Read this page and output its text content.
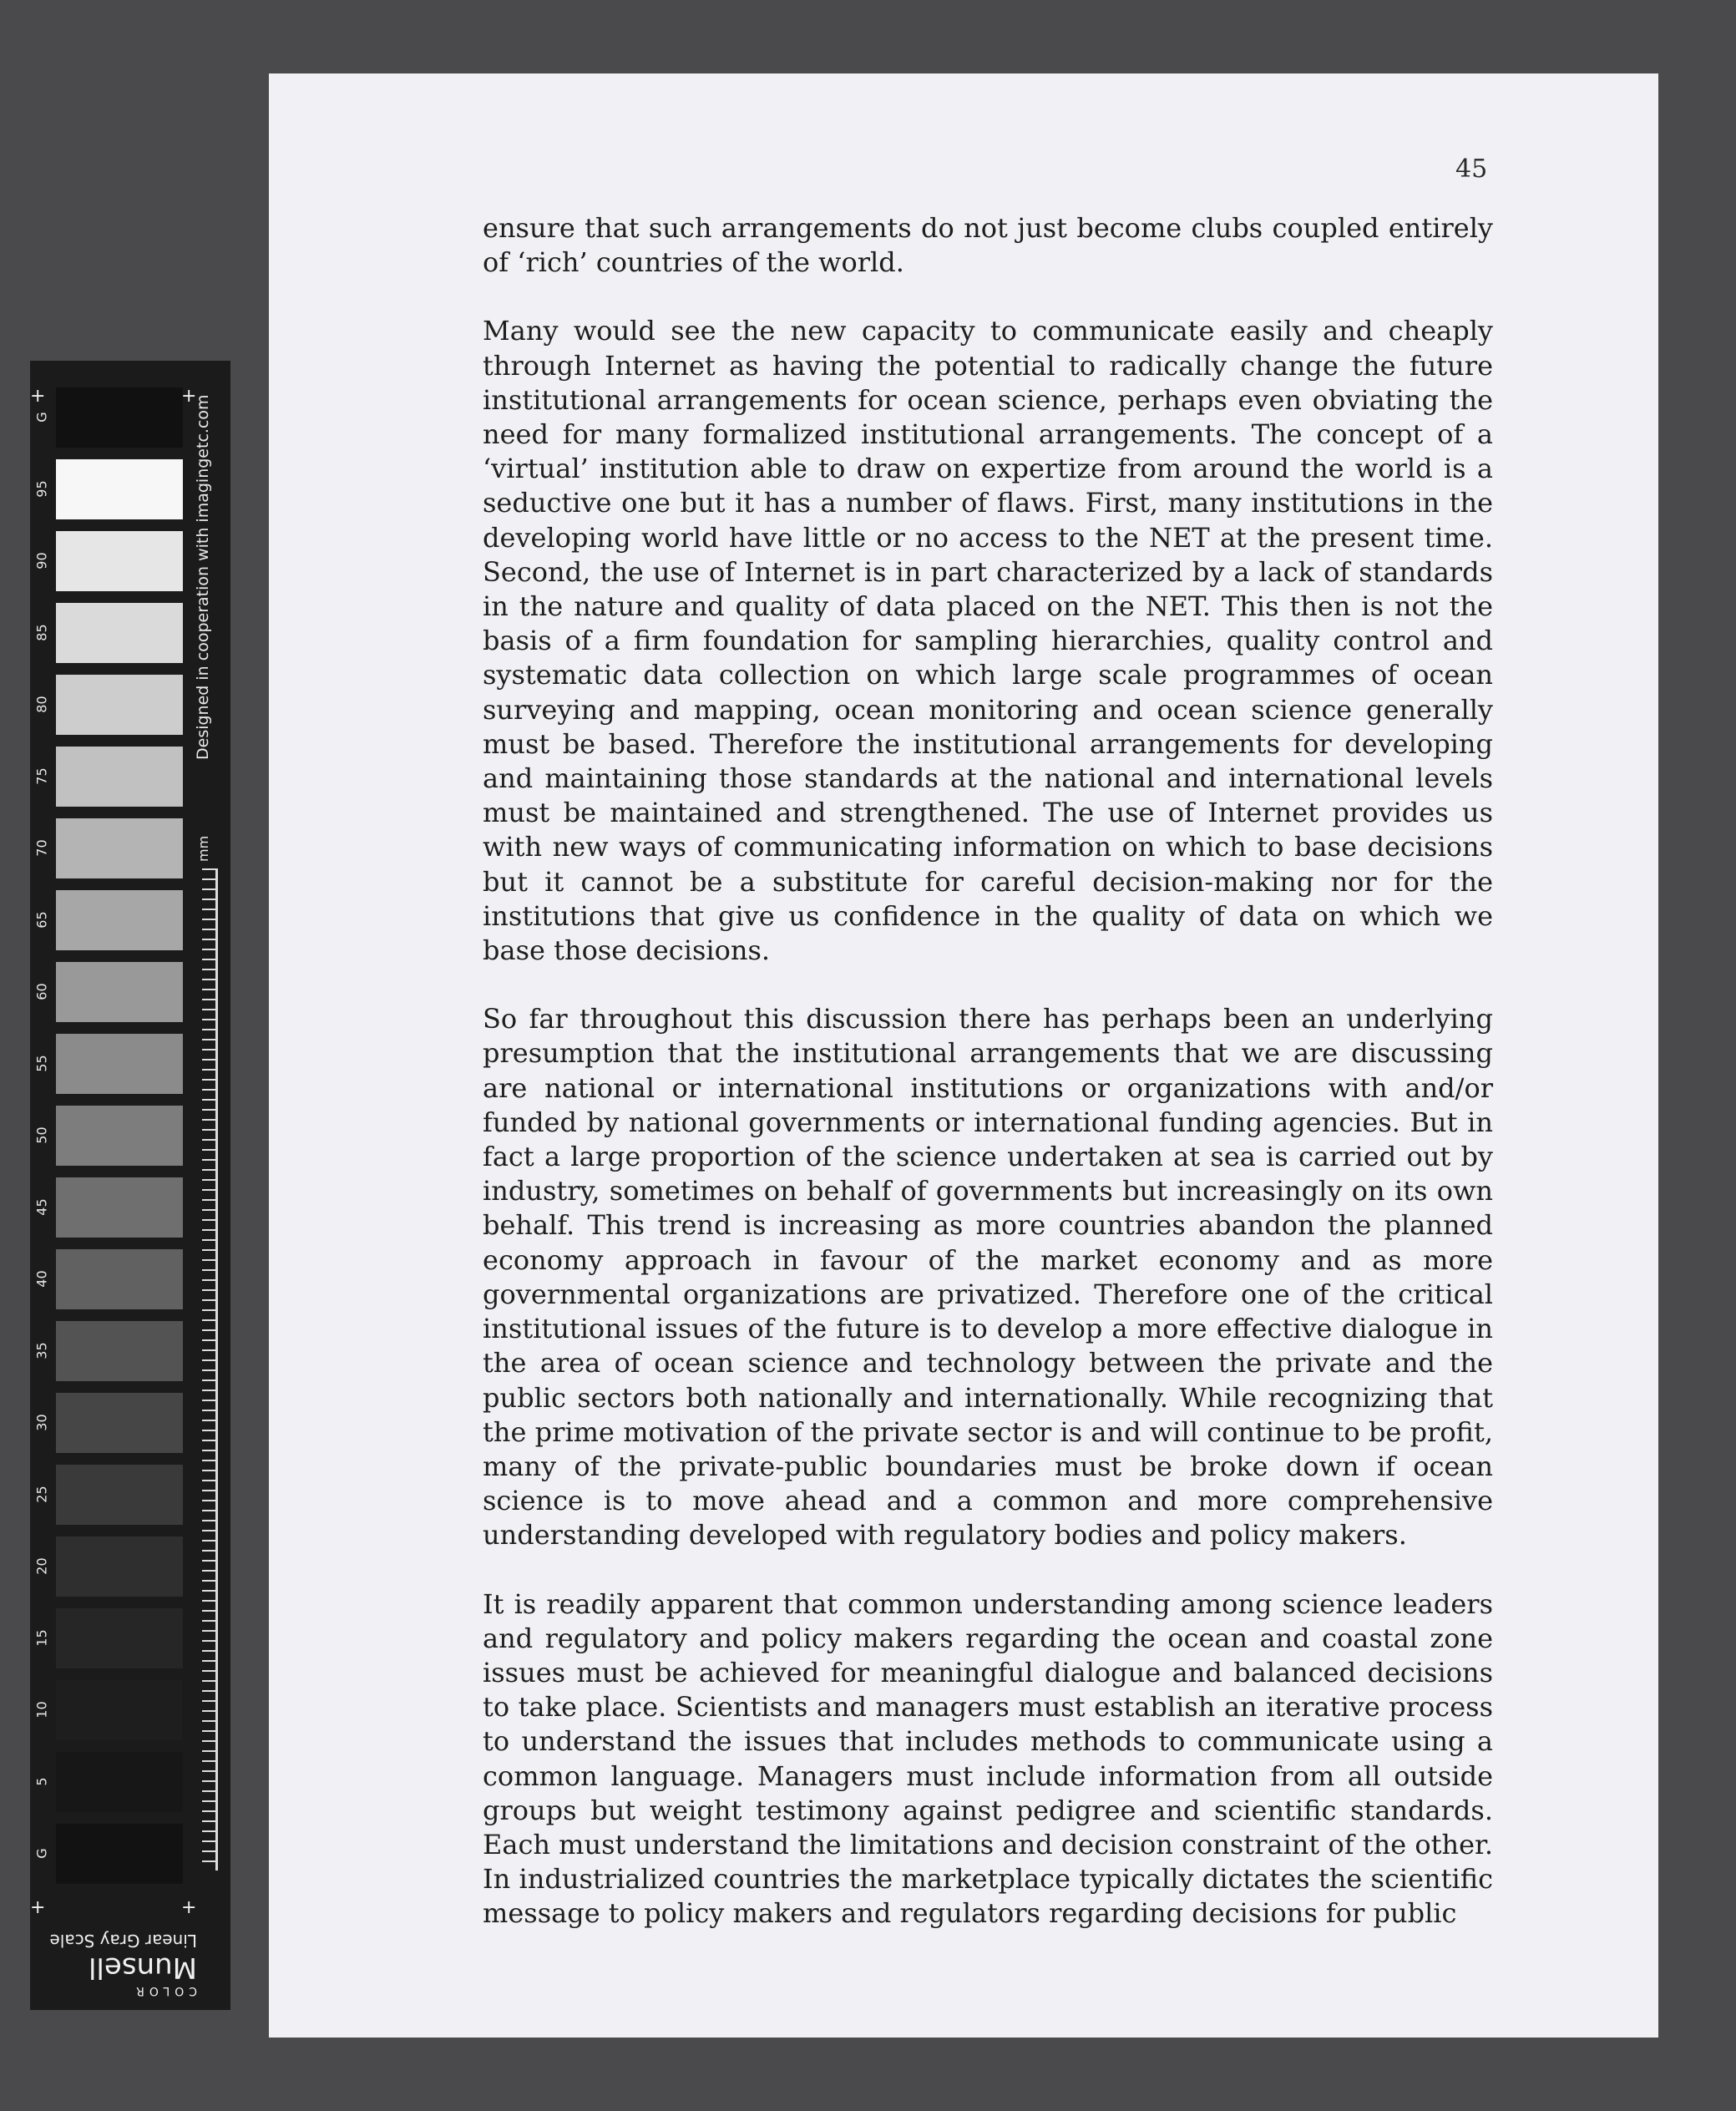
G
95
90
85
80
75
70
65
60
55
50
45
40
35
30
25
20
15
10
5
G
+	+
+	+
Designed in cooperation with imagingetc.com
mm
COLOR
Munsell
Linear Gray Scale
45

ensure that such arrangements do not just become clubs coupled entirely of ‘rich’ countries of the world.

Many would see the new capacity to communicate easily and cheaply through Internet as having the potential to radically change the future institutional arrangements for ocean science, perhaps even obviating the need for many formalized institutional arrangements. The concept of a ‘virtual’ institution able to draw on expertize from around the world is a seductive one but it has a number of flaws. First, many institutions in the developing world have little or no access to the NET at the present time. Second, the use of Internet is in part characterized by a lack of standards in the nature and quality of data placed on the NET. This then is not the basis of a firm foundation for sampling hierarchies, quality control and systematic data collection on which large scale programmes of ocean surveying and mapping, ocean monitoring and ocean science generally must be based. Therefore the institutional arrangements for developing and maintaining those standards at the national and international levels must be maintained and strengthened. The use of Internet provides us with new ways of communicating information on which to base decisions but it cannot be a substitute for careful decision-making nor for the institutions that give us confidence in the quality of data on which we base those decisions.

So far throughout this discussion there has perhaps been an underlying presumption that the institutional arrangements that we are discussing are national or international institutions or organizations with and/or funded by national governments or international funding agencies. But in fact a large proportion of the science undertaken at sea is carried out by industry, sometimes on behalf of governments but increasingly on its own behalf. This trend is increasing as more countries abandon the planned economy approach in favour of the market economy and as more governmental organizations are privatized. Therefore one of the critical institutional issues of the future is to develop a more effective dialogue in the area of ocean science and technology between the private and the public sectors both nationally and internationally. While recognizing that the prime motivation of the private sector is and will continue to be profit, many of the private-public boundaries must be broke down if ocean science is to move ahead and a common and more comprehensive understanding developed with regulatory bodies and policy makers.

It is readily apparent that common understanding among science leaders and regulatory and policy makers regarding the ocean and coastal zone issues must be achieved for meaningful dialogue and balanced decisions to take place. Scientists and managers must establish an iterative process to understand the issues that includes methods to communicate using a common language. Managers must include information from all outside groups but weight testimony against pedigree and scientific standards. Each must understand the limitations and decision constraint of the other. In industrialized countries the marketplace typically dictates the scientific message to policy makers and regulators regarding decisions for public
